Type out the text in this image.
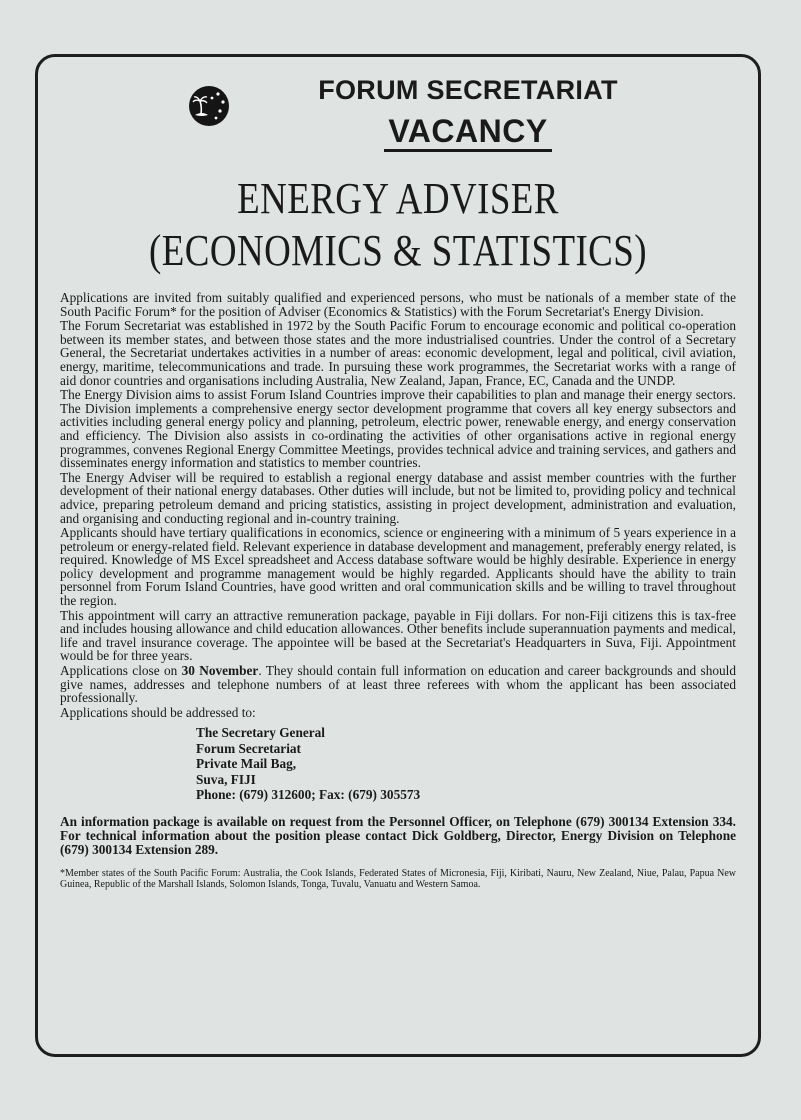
FORUM SECRETARIAT
VACANCY
ENERGY ADVISER
(ECONOMICS & STATISTICS)

Applications are invited from suitably qualified and experienced persons, who must be nationals of a member state of the South Pacific Forum* for the position of Adviser (Economics & Statistics) with the Forum Secretariat's Energy Division.

The Forum Secretariat was established in 1972 by the South Pacific Forum to encourage economic and political co-operation between its member states, and between those states and the more industrialised countries. Under the control of a Secretary General, the Secretariat undertakes activities in a number of areas: economic development, legal and political, civil aviation, energy, maritime, telecommunications and trade. In pursuing these work programmes, the Secretariat works with a range of aid donor countries and organisations including Australia, New Zealand, Japan, France, EC, Canada and the UNDP.

The Energy Division aims to assist Forum Island Countries improve their capabilities to plan and manage their energy sectors. The Division implements a comprehensive energy sector development programme that covers all key energy subsectors and activities including general energy policy and planning, petroleum, electric power, renewable energy, and energy conservation and efficiency. The Division also assists in co-ordinating the activities of other organisations active in regional energy programmes, convenes Regional Energy Committee Meetings, provides technical advice and training services, and gathers and disseminates energy information and statistics to member countries.

The Energy Adviser will be required to establish a regional energy database and assist member countries with the further development of their national energy databases. Other duties will include, but not be limited to, providing policy and technical advice, preparing petroleum demand and pricing statistics, assisting in project development, administration and evaluation, and organising and conducting regional and in-country training.

Applicants should have tertiary qualifications in economics, science or engineering with a minimum of 5 years experience in a petroleum or energy-related field. Relevant experience in database development and management, preferably energy related, is required. Knowledge of MS Excel spreadsheet and Access database software would be highly desirable. Experience in energy policy development and programme management would be highly regarded. Applicants should have the ability to train personnel from Forum Island Countries, have good written and oral communication skills and be willing to travel throughout the region.

This appointment will carry an attractive remuneration package, payable in Fiji dollars. For non-Fiji citizens this is tax-free and includes housing allowance and child education allowances. Other benefits include superannuation payments and medical, life and travel insurance coverage. The appointee will be based at the Secretariat's Headquarters in Suva, Fiji. Appointment would be for three years.

Applications close on 30 November. They should contain full information on education and career backgrounds and should give names, addresses and telephone numbers of at least three referees with whom the applicant has been associated professionally.

Applications should be addressed to:

The Secretary General
Forum Secretariat
Private Mail Bag,
Suva, FIJI
Phone: (679) 312600; Fax: (679) 305573
An information package is available on request from the Personnel Officer, on Telephone (679) 300134 Extension 334. For technical information about the position please contact Dick Goldberg, Director, Energy Division on Telephone (679) 300134 Extension 289.
*Member states of the South Pacific Forum: Australia, the Cook Islands, Federated States of Micronesia, Fiji, Kiribati, Nauru, New Zealand, Niue, Palau, Papua New Guinea, Republic of the Marshall Islands, Solomon Islands, Tonga, Tuvalu, Vanuatu and Western Samoa.
